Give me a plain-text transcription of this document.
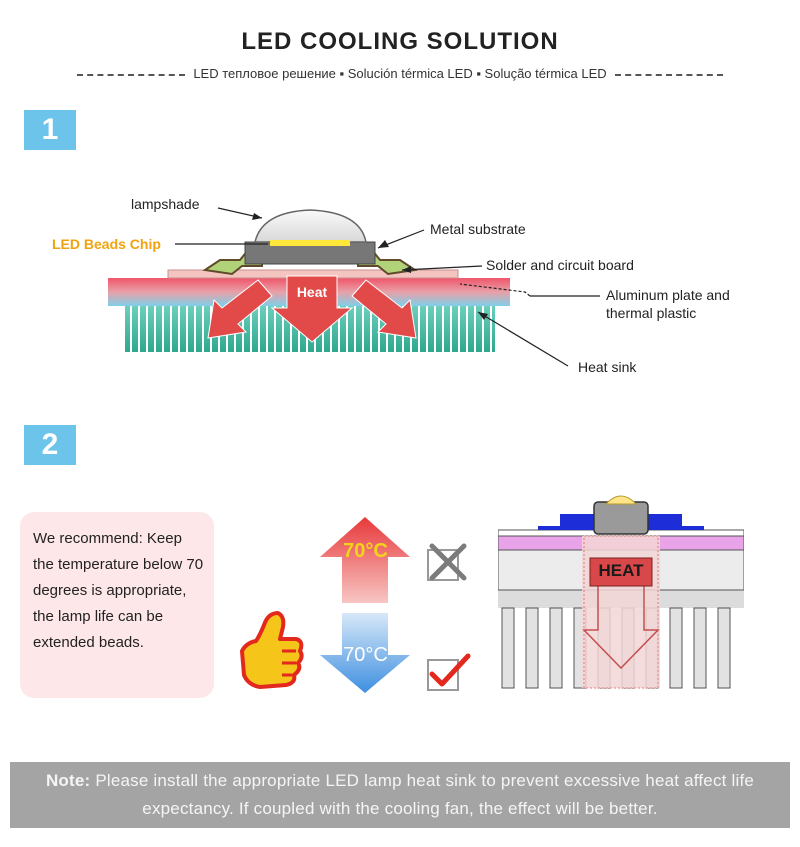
LED COOLING SOLUTION
LED тепловое решение ▪ Solución térmica LED ▪ Solução térmica LED
1
lampshade
LED Beads Chip
Metal substrate
Solder and circuit board
Aluminum plate and
thermal plastic
Heat sink
Heat
2
We recommend: Keep the temperature below 70 degrees is appropriate, the lamp life can be extended beads.
70°C
70°C
HEAT
Note: Please install the appropriate LED lamp heat sink to prevent excessive heat affect life expectancy. If coupled with the cooling fan, the effect will be better.
